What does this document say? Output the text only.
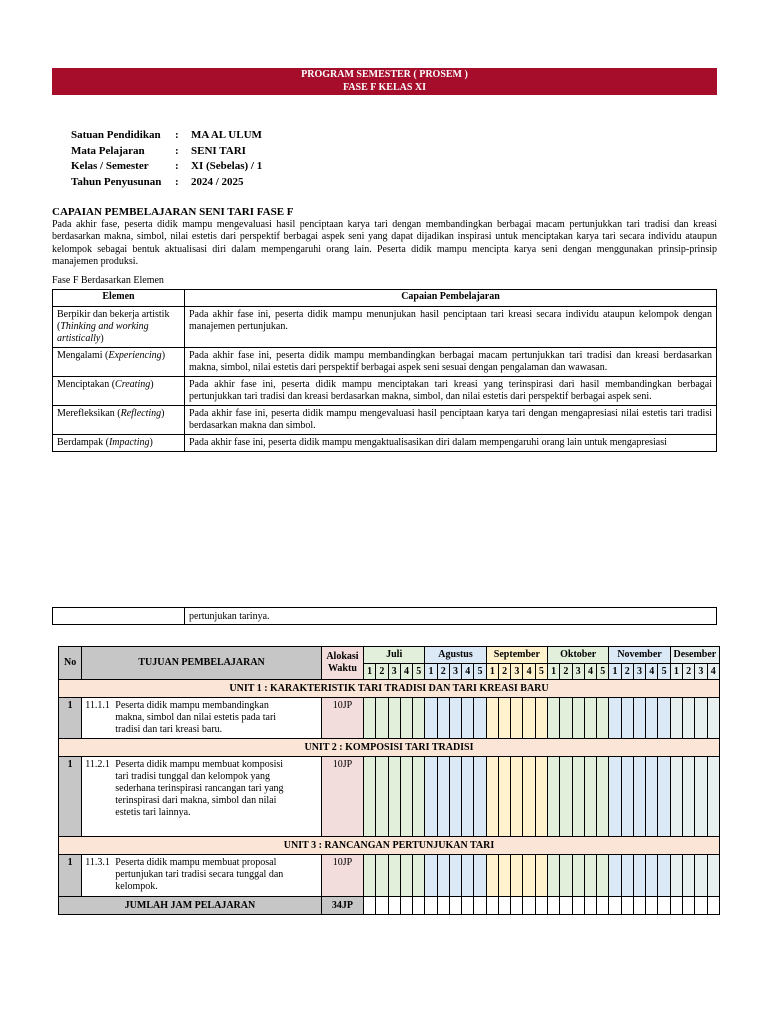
PROGRAM SEMESTER ( PROSEM )
FASE F KELAS XI
Satuan Pendidikan : MA AL ULUM
Mata Pelajaran	: SENI TARI
Kelas / Semester : XI (Sebelas) / 1
Tahun Penyusunan : 2024 / 2025
CAPAIAN PEMBELAJARAN SENI TARI FASE F
Pada akhir fase, peserta didik mampu mengevaluasi hasil penciptaan karya tari dengan membandingkan berbagai macam pertunjukkan tari tradisi dan kreasi berdasarkan makna, simbol, nilai estetis dari perspektif berbagai aspek seni yang dapat dijadikan inspirasi untuk menciptakan karya tari secara individu ataupun kelompok sebagai bentuk aktualisasi diri dalam mempengaruhi orang lain. Peserta didik mampu mencipta karya seni dengan menggunakan prinsip-prinsip manajemen produksi.
Fase F Berdasarkan Elemen
Elemen	Capaian Pembelajaran
Berpikir dan bekerja artistik (Thinking and working artistically)	Pada akhir fase ini, peserta didik mampu menunjukan hasil penciptaan tari kreasi secara individu ataupun kelompok dengan manajemen pertunjukan.
Mengalami (Experiencing)	Pada akhir fase ini, peserta didik mampu membandingkan berbagai macam pertunjukkan tari tradisi dan kreasi berdasarkan makna, simbol, nilai estetis dari perspektif berbagai aspek seni sesuai dengan pengalaman dan wawasan.
Menciptakan (Creating)	Pada akhir fase ini, peserta didik mampu menciptakan tari kreasi yang terinspirasi dari hasil membandingkan berbagai pertunjukkan tari tradisi dan kreasi berdasarkan makna, simbol, dan nilai estetis dari perspektif berbagai aspek seni.
Merefleksikan (Reflecting)	Pada akhir fase ini, peserta didik mampu mengevaluasi hasil penciptaan karya tari dengan mengapresiasi nilai estetis tari tradisi berdasarkan makna dan simbol.
Berdampak (Impacting)	Pada akhir fase ini, peserta didik mampu mengaktualisasikan diri dalam mempengaruhi orang lain untuk mengapresiasi
	pertunjukan tarinya.
No	TUJUAN PEMBELAJARAN	Alokasi Waktu	Juli					Agustus					September					Oktober					November					Desember			
			1	2	3	4	5	1	2	3	4	5	1	2	3	4	5	1	2	3	4	5	1	2	3	4	5	1	2	3	4
UNIT 1 : KARAKTERISTIK TARI TRADISI DAN TARI KREASI BARU																															
1	11.1.1 Peserta didik mampu membandingkan makna, simbol dan nilai estetis pada tari tradisi dan tari kreasi baru.	10JP																													
UNIT 2 : KOMPOSISI TARI TRADISI																															
1	11.2.1 Peserta didik mampu membuat komposisi tari tradisi tunggal dan kelompok yang sederhana terinspirasi rancangan tari yang terinspirasi dari makna, simbol dan nilai estetis tari lainnya.	10JP																													
UNIT 3 : RANCANGAN PERTUNJUKAN TARI																															
1	11.3.1 Peserta didik mampu membuat proposal pertunjukan tari tradisi secara tunggal dan kelompok.	10JP																													
JUMLAH JAM PELAJARAN		34JP																													
